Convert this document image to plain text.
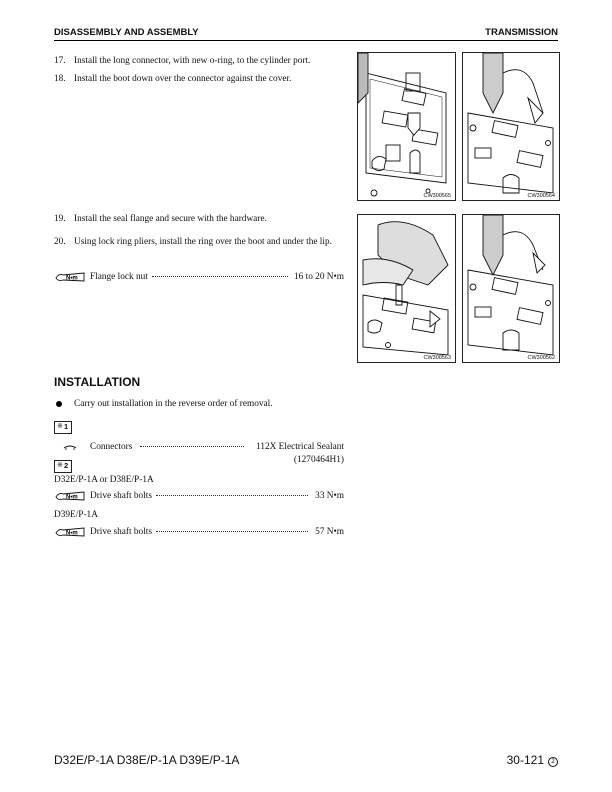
DISASSEMBLY AND ASSEMBLY	TRANSMISSION
17. Install the long connector, with new o-ring, to the cylinder port.
18. Install the boot down over the connector against the cover.
19. Install the seal flange and secure with the hardware.
20. Using lock ring pliers, install the ring over the boot and under the lip.
N•m Flange lock nut	16 to 20 N•m
CW300565	CW300564
CW300563	CW300562
INSTALLATION
Carry out installation in the reverse order of removal.
※ 1
Connectors	112X Electrical Sealant
(1270464H1)
※ 2
D32E/P-1A or D38E/P-1A
N•m Drive shaft bolts	33 N•m
D39E/P-1A
N•m Drive shaft bolts	57 N•m
D32E/P-1A D38E/P-1A D39E/P-1A	30-121 2
